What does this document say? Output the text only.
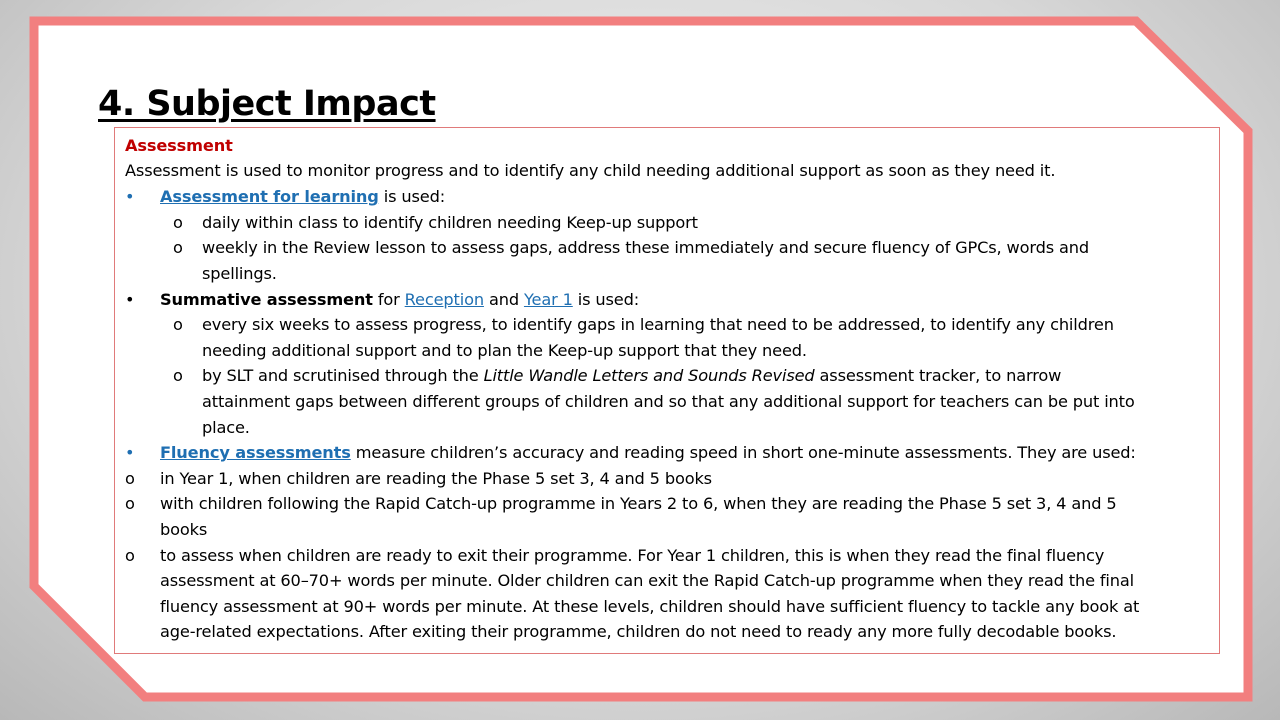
4. Subject Impact
Assessment
Assessment is used to monitor progress and to identify any child needing additional support as soon as they need it.
• Assessment for learning is used:
o daily within class to identify children needing Keep-up support
o weekly in the Review lesson to assess gaps, address these immediately and secure fluency of GPCs, words and
spellings.
• Summative assessment for Reception and Year 1 is used:
o every six weeks to assess progress, to identify gaps in learning that need to be addressed, to identify any children
needing additional support and to plan the Keep-up support that they need.
o by SLT and scrutinised through the Little Wandle Letters and Sounds Revised assessment tracker, to narrow
attainment gaps between different groups of children and so that any additional support for teachers can be put into
place.
• Fluency assessments measure children’s accuracy and reading speed in short one-minute assessments. They are used:
o in Year 1, when children are reading the Phase 5 set 3, 4 and 5 books
o with children following the Rapid Catch-up programme in Years 2 to 6, when they are reading the Phase 5 set 3, 4 and 5
books
o to assess when children are ready to exit their programme. For Year 1 children, this is when they read the final fluency
assessment at 60–70+ words per minute. Older children can exit the Rapid Catch-up programme when they read the final
fluency assessment at 90+ words per minute. At these levels, children should have sufficient fluency to tackle any book at
age-related expectations. After exiting their programme, children do not need to ready any more fully decodable books.
